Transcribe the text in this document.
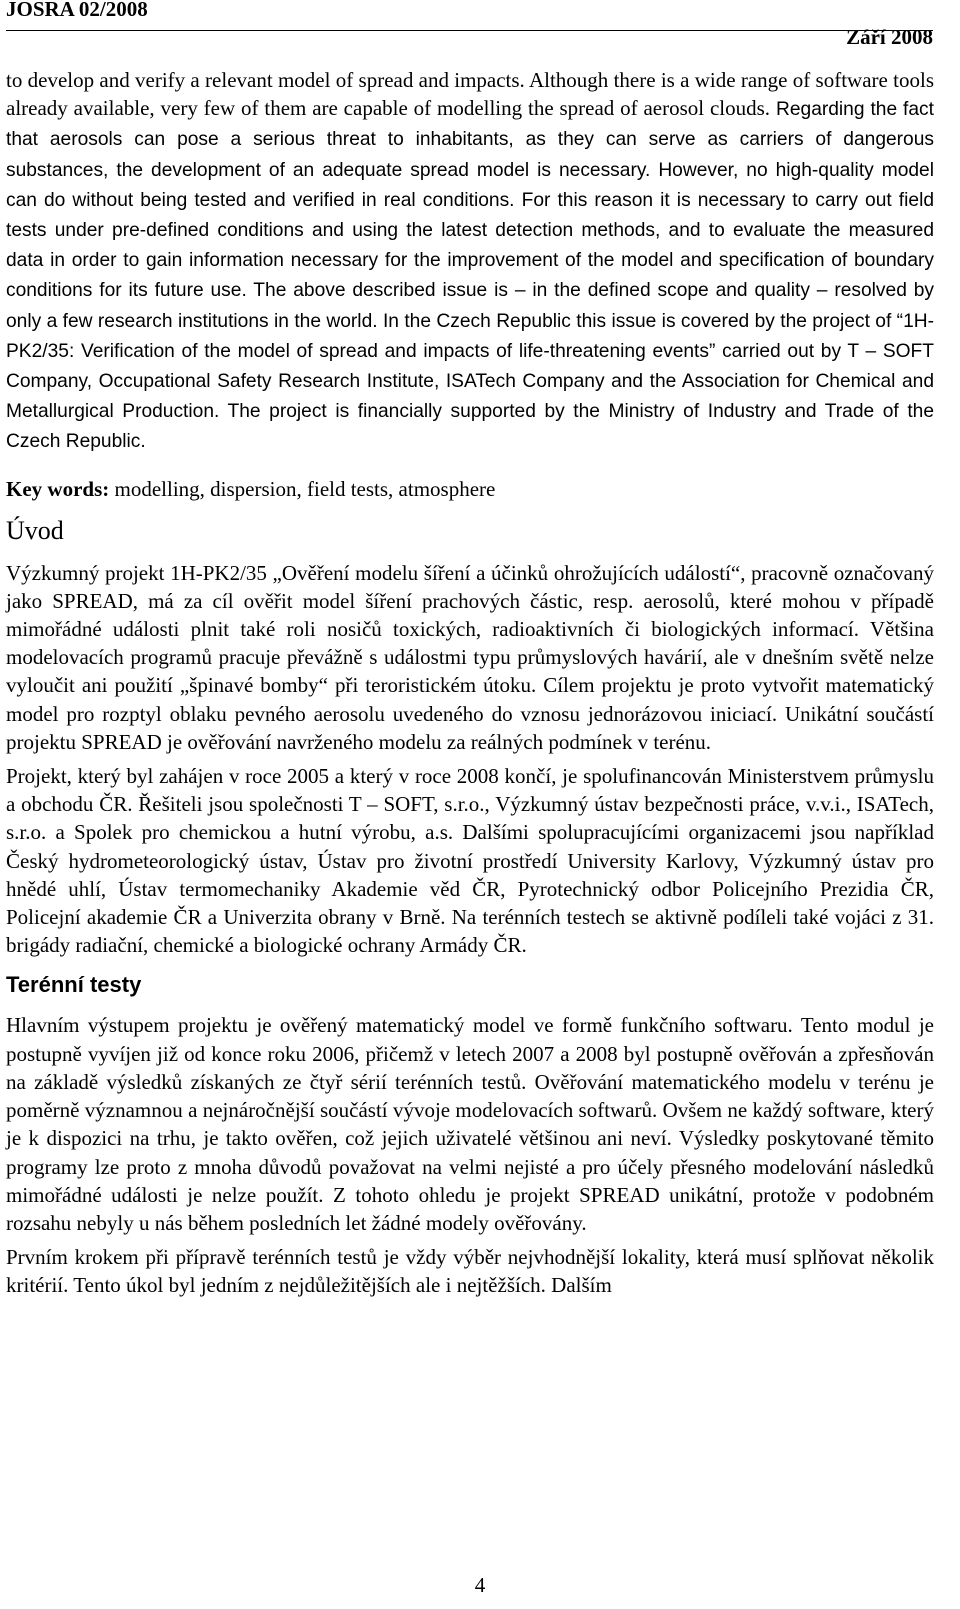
JOSRA 02/2008
Září 2008

to develop and verify a relevant model of spread and impacts. Although there is a wide range of software tools already available, very few of them are capable of modelling the spread of aerosol clouds. Regarding the fact that aerosols can pose a serious threat to inhabitants, as they can serve as carriers of dangerous substances, the development of an adequate spread model is necessary. However, no high-quality model can do without being tested and verified in real conditions. For this reason it is necessary to carry out field tests under pre-defined conditions and using the latest detection methods, and to evaluate the measured data in order to gain information necessary for the improvement of the model and specification of boundary conditions for its future use. The above described issue is – in the defined scope and quality – resolved by only a few research institutions in the world. In the Czech Republic this issue is covered by the project of “1H-PK2/35: Verification of the model of spread and impacts of life-threatening events” carried out by T – SOFT Company, Occupational Safety Research Institute, ISATech Company and the Association for Chemical and Metallurgical Production. The project is financially supported by the Ministry of Industry and Trade of the Czech Republic.

Key words: modelling, dispersion, field tests, atmosphere

Úvod

Výzkumný projekt 1H-PK2/35 „Ověření modelu šíření a účinků ohrožujících událostí“, pracovně označovaný jako SPREAD, má za cíl ověřit model šíření prachových částic, resp. aerosolů, které mohou v případě mimořádné události plnit také roli nosičů toxických, radioaktivních či biologických informací. Většina modelovacích programů pracuje převážně s událostmi typu průmyslových havárií, ale v dnešním světě nelze vyloučit ani použití „špinavé bomby“ při teroristickém útoku. Cílem projektu je proto vytvořit matematický model pro rozptyl oblaku pevného aerosolu uvedeného do vznosu jednorázovou iniciací. Unikátní součástí projektu SPREAD je ověřování navrženého modelu za reálných podmínek v terénu.

Projekt, který byl zahájen v roce 2005 a který v roce 2008 končí, je spolufinancován Ministerstvem průmyslu a obchodu ČR. Řešiteli jsou společnosti T – SOFT, s.r.o., Výzkumný ústav bezpečnosti práce, v.v.i., ISATech, s.r.o. a Spolek pro chemickou a hutní výrobu, a.s. Dalšími spolupracujícími organizacemi jsou například Český hydrometeorologický ústav, Ústav pro životní prostředí University Karlovy, Výzkumný ústav pro hnědé uhlí, Ústav termomechaniky Akademie věd ČR, Pyrotechnický odbor Policejního Prezidia ČR, Policejní akademie ČR a Univerzita obrany v Brně. Na terénních testech se aktivně podíleli také vojáci z 31. brigády radiační, chemické a biologické ochrany Armády ČR.

Terénní testy

Hlavním výstupem projektu je ověřený matematický model ve formě funkčního softwaru. Tento modul je postupně vyvíjen již od konce roku 2006, přičemž v letech 2007 a 2008 byl postupně ověřován a zpřesňován na základě výsledků získaných ze čtyř sérií terénních testů. Ověřování matematického modelu v terénu je poměrně významnou a nejnáročnější součástí vývoje modelovacích softwarů. Ovšem ne každý software, který je k dispozici na trhu, je takto ověřen, což jejich uživatelé většinou ani neví. Výsledky poskytované těmito programy lze proto z mnoha důvodů považovat na velmi nejisté a pro účely přesného modelování následků mimořádné události je nelze použít. Z tohoto ohledu je projekt SPREAD unikátní, protože v podobném rozsahu nebyly u nás během posledních let žádné modely ověřovány.

Prvním krokem při přípravě terénních testů je vždy výběr nejvhodnější lokality, která musí splňovat několik kritérií. Tento úkol byl jedním z nejdůležitějších ale i nejtěžších. Dalším

4
